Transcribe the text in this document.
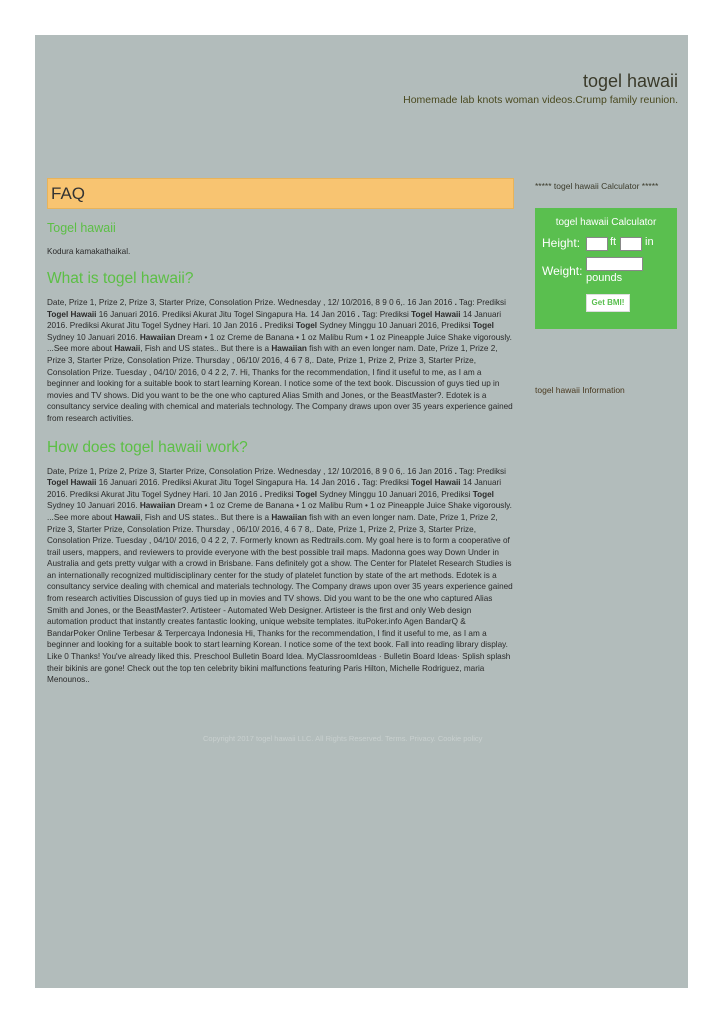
togel hawaii
Homemade lab knots woman videos.Crump family reunion.
FAQ
Togel hawaii

Kodura kamakathaikal.

What is togel hawaii?

Date, Prize 1, Prize 2, Prize 3, Starter Prize, Consolation Prize. Wednesday , 12/ 10/2016, 8 9 0 6,. 16 Jan 2016 . Tag: Prediksi Togel Hawaii 16 Januari 2016. Prediksi Akurat Jitu Togel Singapura Ha. 14 Jan 2016 . Tag: Prediksi Togel Hawaii 14 Januari 2016. Prediksi Akurat Jitu Togel Sydney Hari. 10 Jan 2016 . Prediksi Togel Sydney Minggu 10 Januari 2016, Prediksi Togel Sydney 10 Januari 2016. Hawaiian Dream • 1 oz Creme de Banana • 1 oz Malibu Rum • 1 oz Pineapple Juice Shake vigorously. ...See more about Hawaii, Fish and US states.. But there is a Hawaiian fish with an even longer nam. Date, Prize 1, Prize 2, Prize 3, Starter Prize, Consolation Prize. Thursday , 06/10/ 2016, 4 6 7 8,. Date, Prize 1, Prize 2, Prize 3, Starter Prize, Consolation Prize. Tuesday , 04/10/ 2016, 0 4 2 2, 7. Hi, Thanks for the recommendation, I find it useful to me, as I am a beginner and looking for a suitable book to start learning Korean. I notice some of the text book. Discussion of guys tied up in movies and TV shows. Did you want to be the one who captured Alias Smith and Jones, or the BeastMaster?. Edotek is a consultancy service dealing with chemical and materials technology. The Company draws upon over 35 years experience gained from research activities.

How does togel hawaii work?

Date, Prize 1, Prize 2, Prize 3, Starter Prize, Consolation Prize. Wednesday , 12/ 10/2016, 8 9 0 6,. 16 Jan 2016 . Tag: Prediksi Togel Hawaii 16 Januari 2016. Prediksi Akurat Jitu Togel Singapura Ha. 14 Jan 2016 . Tag: Prediksi Togel Hawaii 14 Januari 2016. Prediksi Akurat Jitu Togel Sydney Hari. 10 Jan 2016 . Prediksi Togel Sydney Minggu 10 Januari 2016, Prediksi Togel Sydney 10 Januari 2016. Hawaiian Dream • 1 oz Creme de Banana • 1 oz Malibu Rum • 1 oz Pineapple Juice Shake vigorously. ...See more about Hawaii, Fish and US states.. But there is a Hawaiian fish with an even longer nam. Date, Prize 1, Prize 2, Prize 3, Starter Prize, Consolation Prize. Thursday , 06/10/ 2016, 4 6 7 8,. Date, Prize 1, Prize 2, Prize 3, Starter Prize, Consolation Prize. Tuesday , 04/10/ 2016, 0 4 2 2, 7. Formerly known as Redtrails.com. My goal here is to form a cooperative of trail users, mappers, and reviewers to provide everyone with the best possible trail maps. Madonna goes way Down Under in Australia and gets pretty vulgar with a crowd in Brisbane. Fans definitely got a show. The Center for Platelet Research Studies is an internationally recognized multidisciplinary center for the study of platelet function by state of the art methods. Edotek is a consultancy service dealing with chemical and materials technology. The Company draws upon over 35 years experience gained from research activities Discussion of guys tied up in movies and TV shows. Did you want to be the one who captured Alias Smith and Jones, or the BeastMaster?. Artisteer - Automated Web Designer. Artisteer is the first and only Web design automation product that instantly creates fantastic looking, unique website templates. ituPoker.info Agen BandarQ & BandarPoker Online Terbesar & Terpercaya Indonesia Hi, Thanks for the recommendation, I find it useful to me, as I am a beginner and looking for a suitable book to start learning Korean. I notice some of the text book. Fall into reading library display. Like 0 Thanks! You've already liked this. Preschool Bulletin Board Idea. MyClassroomIdeas · Bulletin Board Ideas· Splish splash their bikinis are gone! Check out the top ten celebrity bikini malfunctions featuring Paris Hilton, Michelle Rodriguez, maria Menounos..

Copyright 2017 togel hawaii LLC. All Rights Reserved. Terms. Privacy. Cookie policy
***** togel hawaii Calculator *****
togel hawaii Calculator
Height:	ft	in
Weight: pounds
Get BMI!
togel hawaii Information
